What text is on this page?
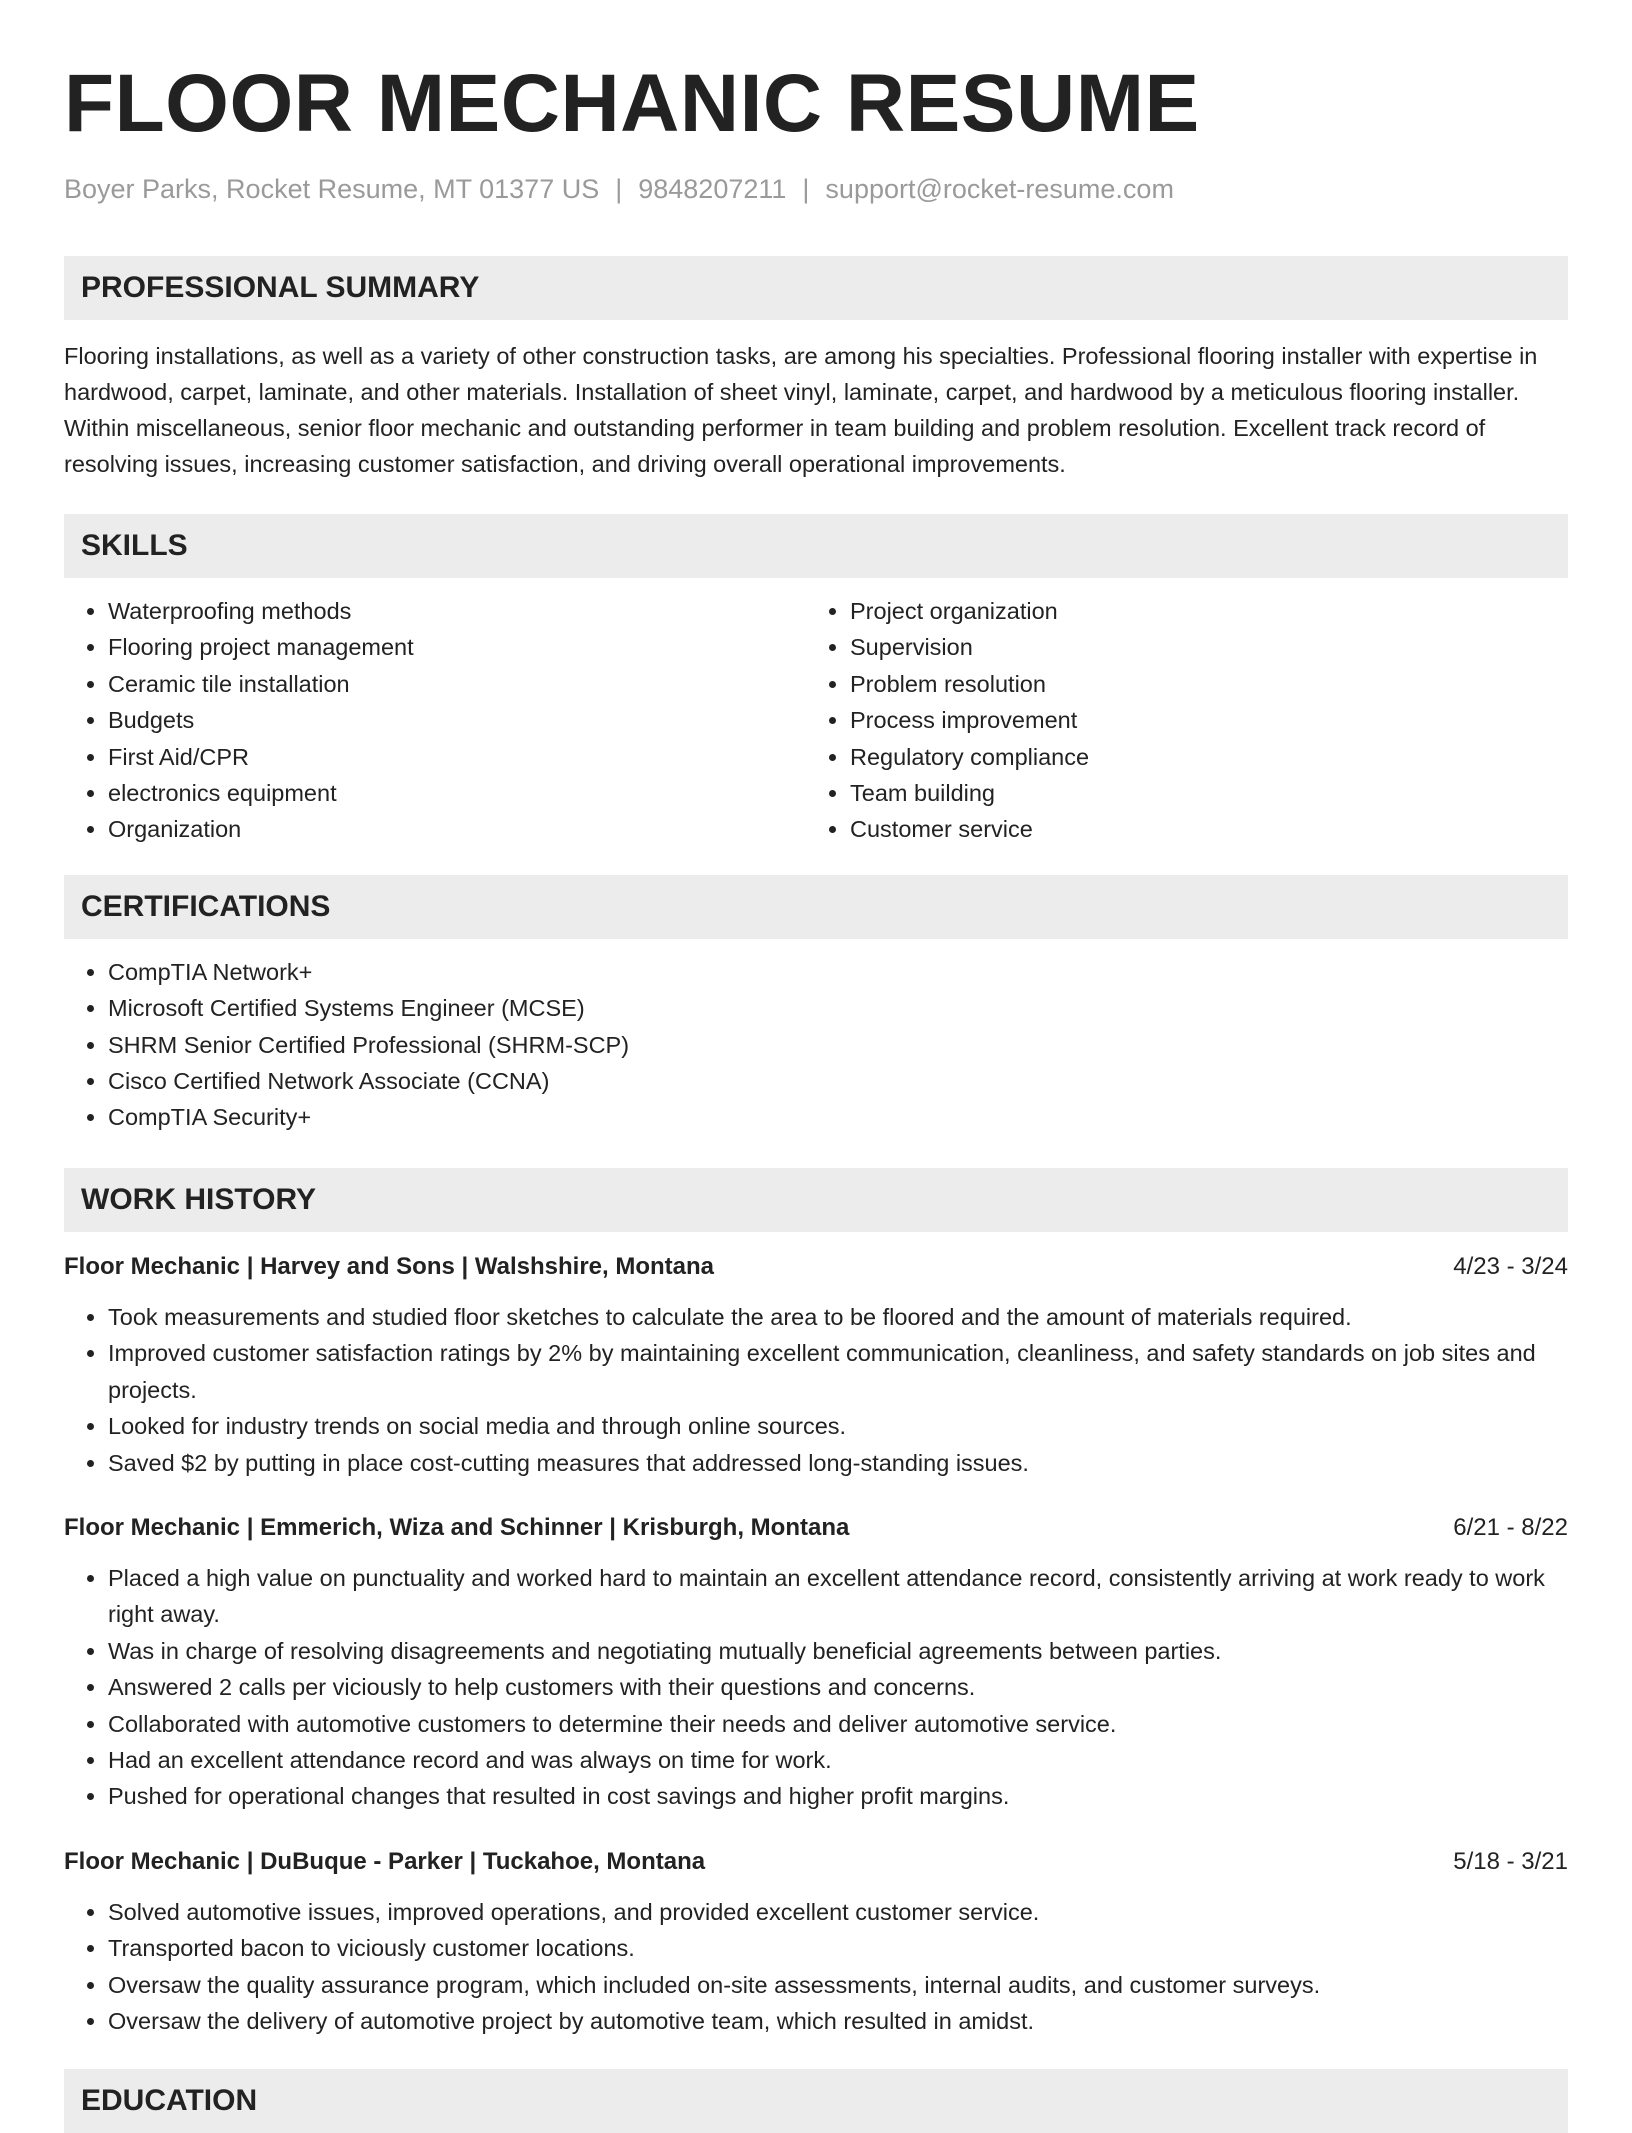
FLOOR MECHANIC RESUME
Boyer Parks, Rocket Resume, MT 01377 US | 9848207211 | support@rocket-resume.com
PROFESSIONAL SUMMARY

Flooring installations, as well as a variety of other construction tasks, are among his specialties. Professional flooring installer with expertise in hardwood, carpet, laminate, and other materials. Installation of sheet vinyl, laminate, carpet, and hardwood by a meticulous flooring installer. Within miscellaneous, senior floor mechanic and outstanding performer in team building and problem resolution. Excellent track record of resolving issues, increasing customer satisfaction, and driving overall operational improvements.

SKILLS
• Waterproofing methods
• Flooring project management
• Ceramic tile installation
• Budgets
• First Aid/CPR
• electronics equipment
• Organization
• Project organization
• Supervision
• Problem resolution
• Process improvement
• Regulatory compliance
• Team building
• Customer service
CERTIFICATIONS
• CompTIA Network+
• Microsoft Certified Systems Engineer (MCSE)
• SHRM Senior Certified Professional (SHRM-SCP)
• Cisco Certified Network Associate (CCNA)
• CompTIA Security+
WORK HISTORY
Floor Mechanic | Harvey and Sons | Walshshire, Montana	4/23 - 3/24
• Took measurements and studied floor sketches to calculate the area to be floored and the amount of materials required.
• Improved customer satisfaction ratings by 2% by maintaining excellent communication, cleanliness, and safety standards on job sites and projects.
• Looked for industry trends on social media and through online sources.
• Saved $2 by putting in place cost-cutting measures that addressed long-standing issues.
Floor Mechanic | Emmerich, Wiza and Schinner | Krisburgh, Montana	6/21 - 8/22
• Placed a high value on punctuality and worked hard to maintain an excellent attendance record, consistently arriving at work ready to work right away.
• Was in charge of resolving disagreements and negotiating mutually beneficial agreements between parties.
• Answered 2 calls per viciously to help customers with their questions and concerns.
• Collaborated with automotive customers to determine their needs and deliver automotive service.
• Had an excellent attendance record and was always on time for work.
• Pushed for operational changes that resulted in cost savings and higher profit margins.
Floor Mechanic | DuBuque - Parker | Tuckahoe, Montana	5/18 - 3/21
• Solved automotive issues, improved operations, and provided excellent customer service.
• Transported bacon to viciously customer locations.
• Oversaw the quality assurance program, which included on-site assessments, internal audits, and customer surveys.
• Oversaw the delivery of automotive project by automotive team, which resulted in amidst.
EDUCATION
